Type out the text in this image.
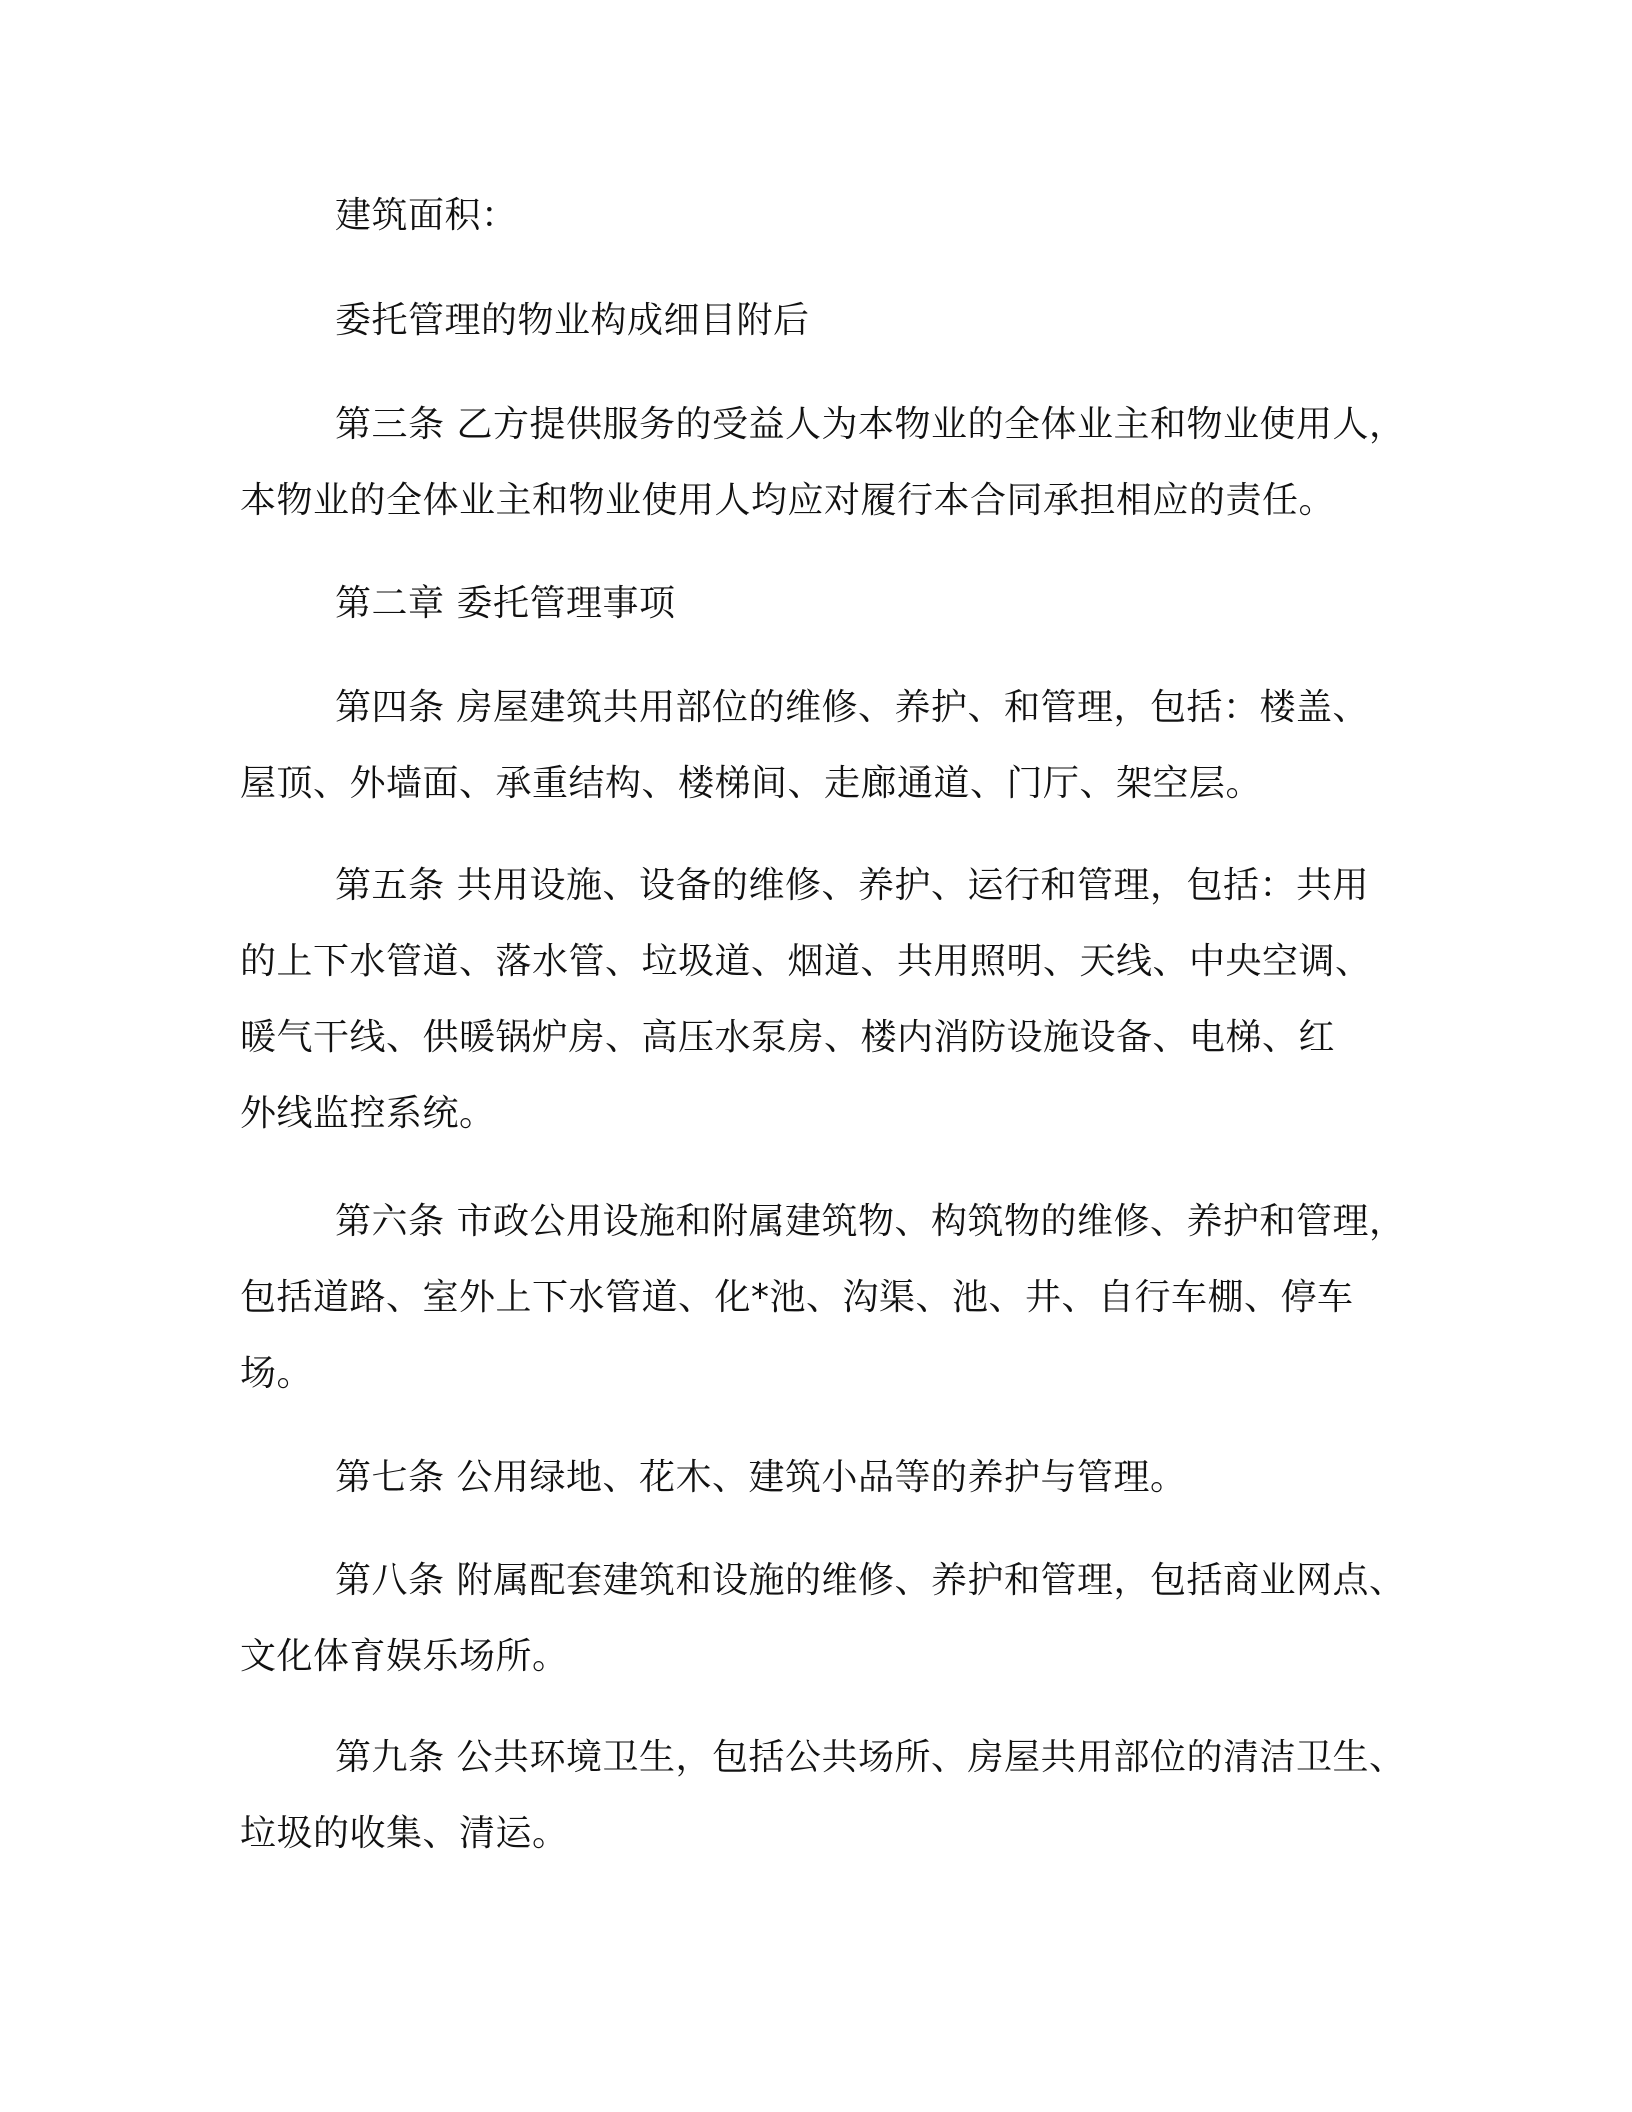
建筑面积：
委托管理的物业构成细目附后
第三条 乙方提供服务的受益人为本物业的全体业主和物业使用人，
本物业的全体业主和物业使用人均应对履行本合同承担相应的责任。
第二章 委托管理事项
第四条 房屋建筑共用部位的维修、养护、和管理，包括：楼盖、
屋顶、外墙面、承重结构、楼梯间、走廊通道、门厅、架空层。
第五条 共用设施、设备的维修、养护、运行和管理，包括：共用
的上下水管道、落水管、垃圾道、烟道、共用照明、天线、中央空调、
暖气干线、供暖锅炉房、高压水泵房、楼内消防设施设备、电梯、红
外线监控系统。
第六条 市政公用设施和附属建筑物、构筑物的维修、养护和管理，
包括道路、室外上下水管道、化*池、沟渠、池、井、自行车棚、停车
场。
第七条 公用绿地、花木、建筑小品等的养护与管理。
第八条 附属配套建筑和设施的维修、养护和管理，包括商业网点、
文化体育娱乐场所。
第九条 公共环境卫生，包括公共场所、房屋共用部位的清洁卫生、
垃圾的收集、清运。
